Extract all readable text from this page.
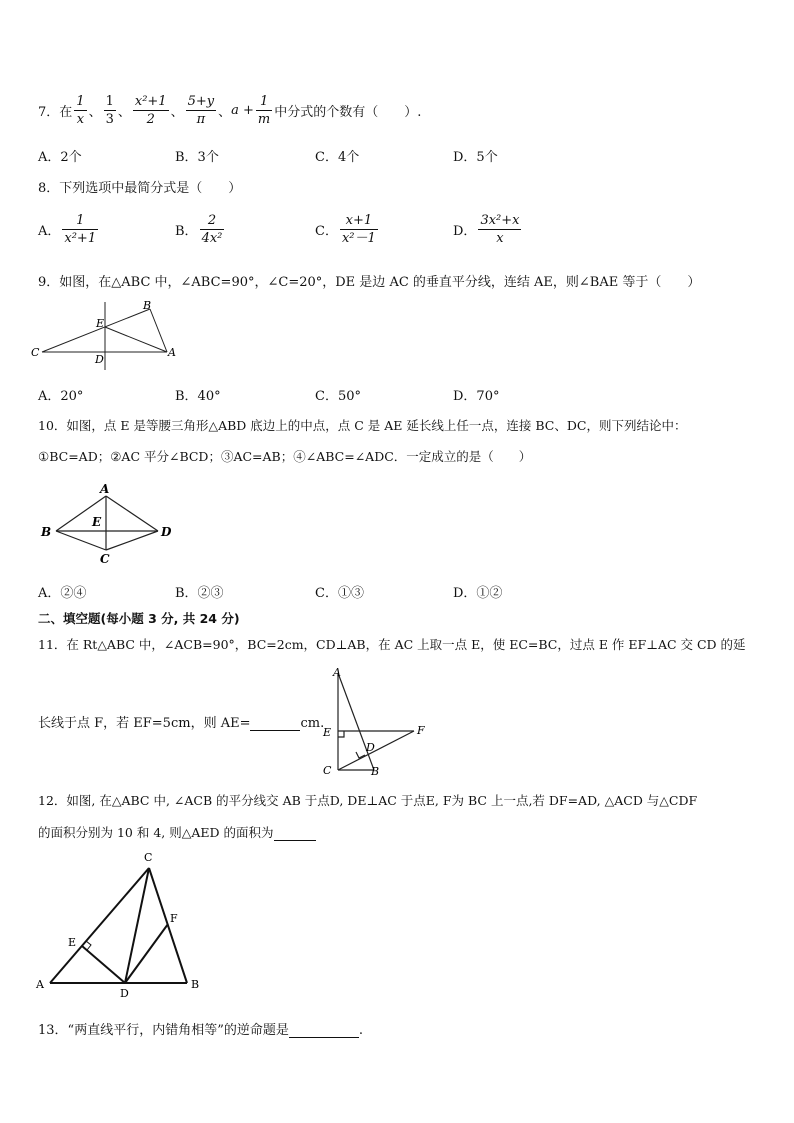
7．在 $\frac{1}{x}$ 、 $\frac{1}{3}$ 、 $\frac{\text{x²+1}}{2}$ 、 $\frac{5+y}{\pi}$ 、 $a + \frac{1}{m}$ 中分式的个数有（　　）.
A．2个	B．3个	C．4个	D．5个
8．下列选项中最简分式是（　　）
A． $\frac{1}{\text{x²+1}}$	B． $\frac{2}{\text{4x²}}$	C． $\frac{x+1}{\text{x²－1}}$	D． $\frac{\text{3x²+x}}{x}$
9．如图，在△ABC 中，∠ABC=90°，∠C=20°，DE 是边 AC 的垂直平分线，连结 AE，则∠BAE 等于（　　）
C
B
E
D
A
A．20°	B．40°	C．50°	D．70°
10．如图，点 E 是等腰三角形△ABD 底边上的中点，点 C 是 AE 延长线上任一点，连接 BC、DC，则下列结论中：
①BC=AD；②AC 平分∠BCD；③AC=AB；④∠ABC=∠ADC．一定成立的是（　　）
A
B
E
D
C
A．②④	B．②③	C．①③	D．①②
二、填空题(每小题 3 分, 共 24 分)
11．在 Rt△ABC 中，∠ACB=90°，BC=2cm，CD⊥AB，在 AC 上取一点 E，使 EC=BC，过点 E 作 EF⊥AC 交 CD 的延
长线于点 F，若 EF=5cm，则 AE=	cm.
A
E
D
F
C	B
12．如图, 在△ABC 中, ∠ACB 的平分线交 AB 于点D, DE⊥AC 于点E, F为 BC 上一点,若 DF=AD, △ACD 与△CDF
的面积分别为 10 和 4, 则△AED 的面积为
A
C
E
F
D
B
13．“两直线平行，内错角相等”的逆命题是	.
